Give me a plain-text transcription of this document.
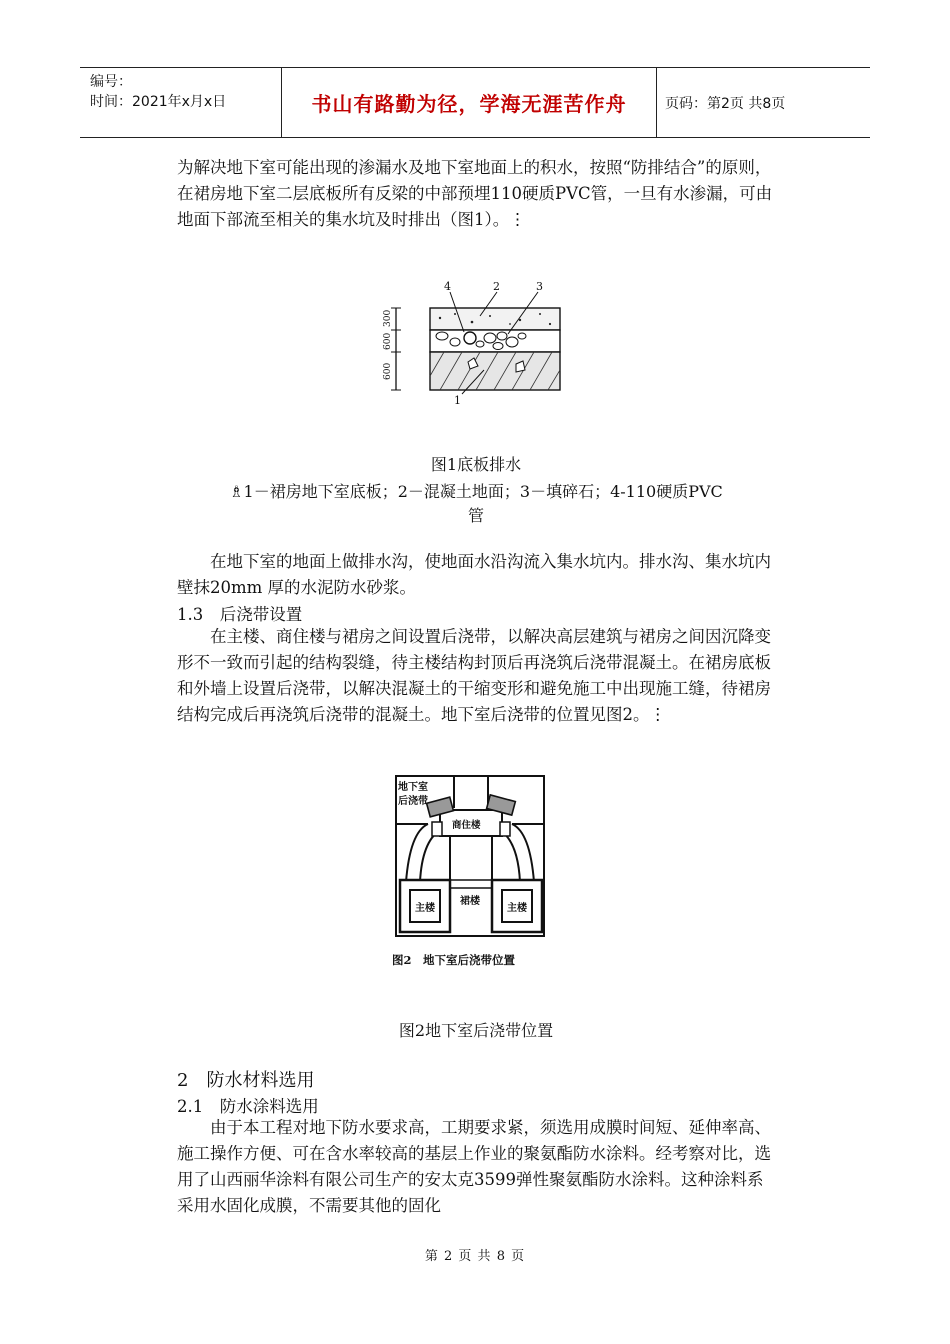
编号：
时间：2021年x月x日	书山有路勤为径，学海无涯苦作舟	页码：第2页 共8页

为解决地下室可能出现的渗漏水及地下室地面上的积水，按照“防排结合”的原则，在裙房地下室二层底板所有反梁的中部预埋110硬质PVC管，一旦有水渗漏，可由地面下部流至相关的集水坑及时排出（图1）。⋮

300
600
600
4	2	3
1

图1底板排水

♗1－裙房地下室底板；2－混凝土地面；3－填碎石；4-110硬质PVC

管

在地下室的地面上做排水沟，使地面水沿沟流入集水坑内。排水沟、集水坑内壁抹20mm 厚的水泥防水砂浆。

1.3　后浇带设置

在主楼、商住楼与裙房之间设置后浇带，以解决高层建筑与裙房之间因沉降变形不一致而引起的结构裂缝，待主楼结构封顶后再浇筑后浇带混凝土。在裙房底板和外墙上设置后浇带，以解决混凝土的干缩变形和避免施工中出现施工缝，待裙房结构完成后再浇筑后浇带的混凝土。地下室后浇带的位置见图2。⋮

地下室
后浇带
商住楼
裙楼
主楼	主楼
图2　地下室后浇带位置

图2地下室后浇带位置

2　防水材料选用

2.1　防水涂料选用

由于本工程对地下防水要求高，工期要求紧，须选用成膜时间短、延伸率高、施工操作方便、可在含水率较高的基层上作业的聚氨酯防水涂料。经考察对比，选用了山西丽华涂料有限公司生产的安太克3599弹性聚氨酯防水涂料。这种涂料系采用水固化成膜，不需要其他的固化

第 2 页 共 8 页
